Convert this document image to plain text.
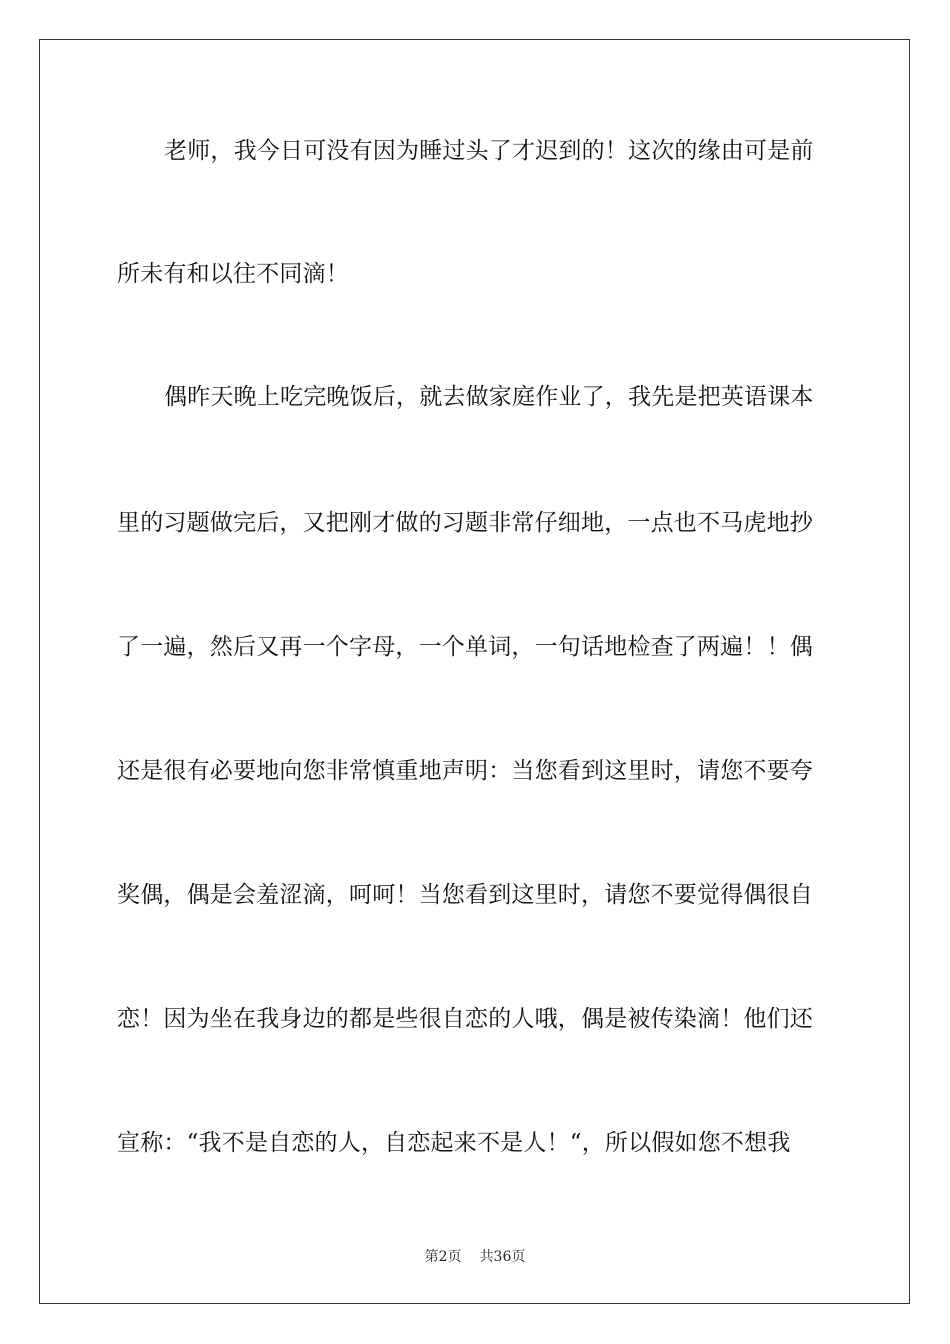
老师，我今日可没有因为睡过头了才迟到的！这次的缘由可是前
所未有和以往不同滴！
偶昨天晚上吃完晚饭后，就去做家庭作业了，我先是把英语课本
里的习题做完后，又把刚才做的习题非常仔细地，一点也不马虎地抄
了一遍，然后又再一个字母，一个单词，一句话地检查了两遍！！偶
还是很有必要地向您非常慎重地声明：当您看到这里时，请您不要夸
奖偶，偶是会羞涩滴，呵呵！当您看到这里时，请您不要觉得偶很自
恋！因为坐在我身边的都是些很自恋的人哦，偶是被传染滴！他们还
宣称：“我不是自恋的人，自恋起来不是人！“，所以假如您不想我
第2页 共36页
